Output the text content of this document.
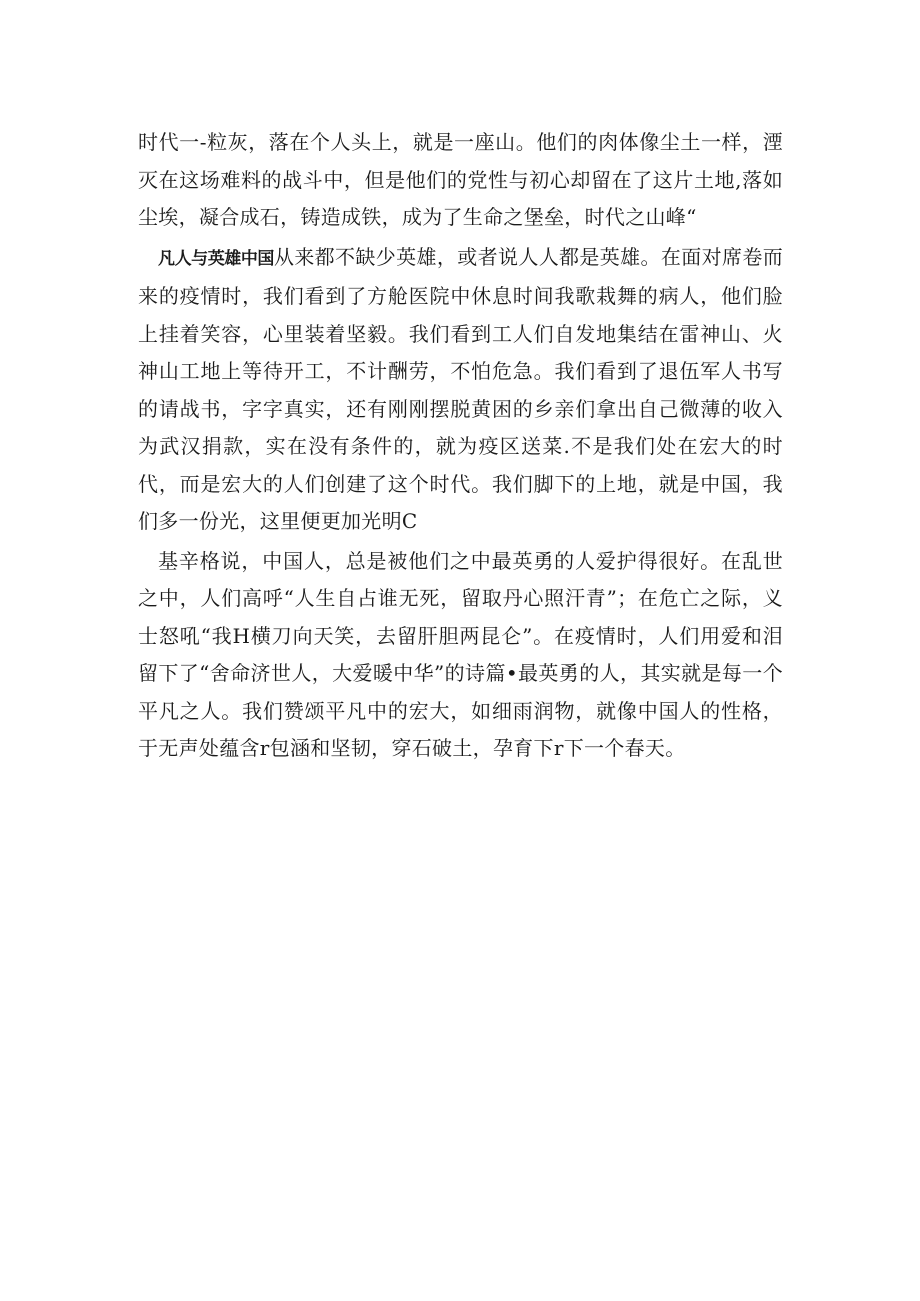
时代一-粒灰，落在个人头上，就是一座山。他们的肉体像尘土一样，湮灭在这场难料的战斗中，但是他们的党性与初心却留在了这片土地,落如尘埃，凝合成石，铸造成铁，成为了生命之堡垒，时代之山峰“

凡人与英雄中国从来都不缺少英雄，或者说人人都是英雄。在面对席卷而来的疫情时，我们看到了方舱医院中休息时间我歌栽舞的病人，他们脸上挂着笑容，心里装着坚毅。我们看到工人们自发地集结在雷神山、火神山工地上等待开工，不计酬劳，不怕危急。我们看到了退伍军人书写的请战书，字字真实，还有刚刚摆脱黄困的乡亲们拿出自己微薄的收入为武汉捐款，实在没有条件的，就为疫区送菜.不是我们处在宏大的时代，而是宏大的人们创建了这个时代。我们脚下的上地，就是中国，我们多一份光，这里便更加光明C

基辛格说，中国人，总是被他们之中最英勇的人爱护得很好。在乱世之中，人们高呼“人生自占谁无死，留取丹心照汗青”；在危亡之际，义士怒吼“我H横刀向天笑，去留肝胆两昆仑”。在疫情时，人们用爱和泪留下了“舍命济世人，大爱暖中华”的诗篇•最英勇的人，其实就是每一个平凡之人。我们赞颂平凡中的宏大，如细雨润物，就像中国人的性格，于无声处蕴含r包涵和坚韧，穿石破土，孕育下r下一个春天。
